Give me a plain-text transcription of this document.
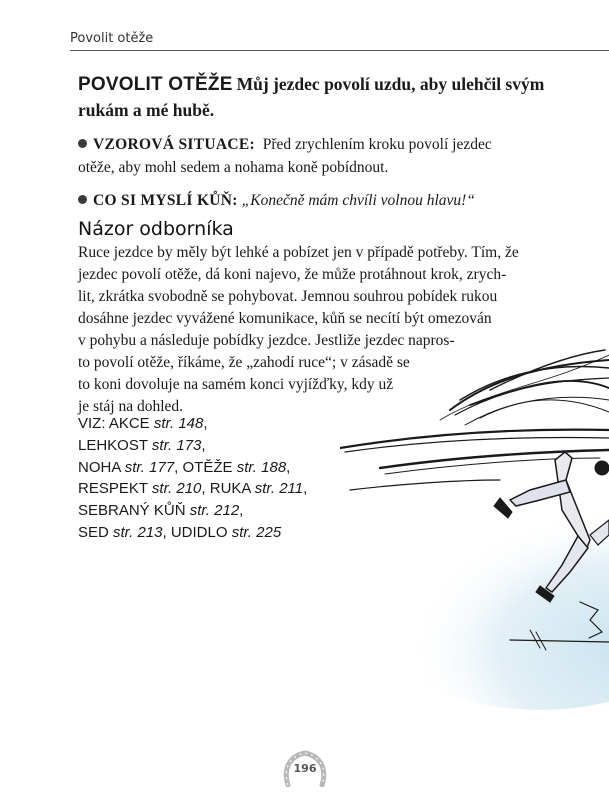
Povolit otěže
POVOLIT OTĚŽE Můj jezdec povolí uzdu, aby ulehčil svým rukám a mé hubě.
VZOROVÁ SITUACE: Před zrychlením kroku povolí jezdec
otěže, aby mohl sedem a nohama koně pobídnout.
CO SI MYSLÍ KŮŇ: „Konečně mám chvíli volnou hlavu!“
Názor odborníka
Ruce jezdce by měly být lehké a pobízet jen v případě potřeby. Tím, že
jezdec povolí otěže, dá koni najevo, že může protáhnout krok, zrych-
lit, zkrátka svobodně se pohybovat. Jemnou souhrou pobídek rukou
dosáhne jezdec vyvážené komunikace, kůň se necítí být omezován
v pohybu a následuje pobídky jezdce. Jestliže jezdec napros-
to povolí otěže, říkáme, že „zahodí ruce“; v zásadě se
to koni dovoluje na samém konci vyjížďky, kdy už
je stáj na dohled.
VIZ: AKCE str. 148,
LEHKOST str. 173,
NOHA str. 177, OTĚŽE str. 188,
RESPEKT str. 210, RUKA str. 211,
SEBRANÝ KŮŇ str. 212,
SED str. 213, UDIDLO str. 225
196
